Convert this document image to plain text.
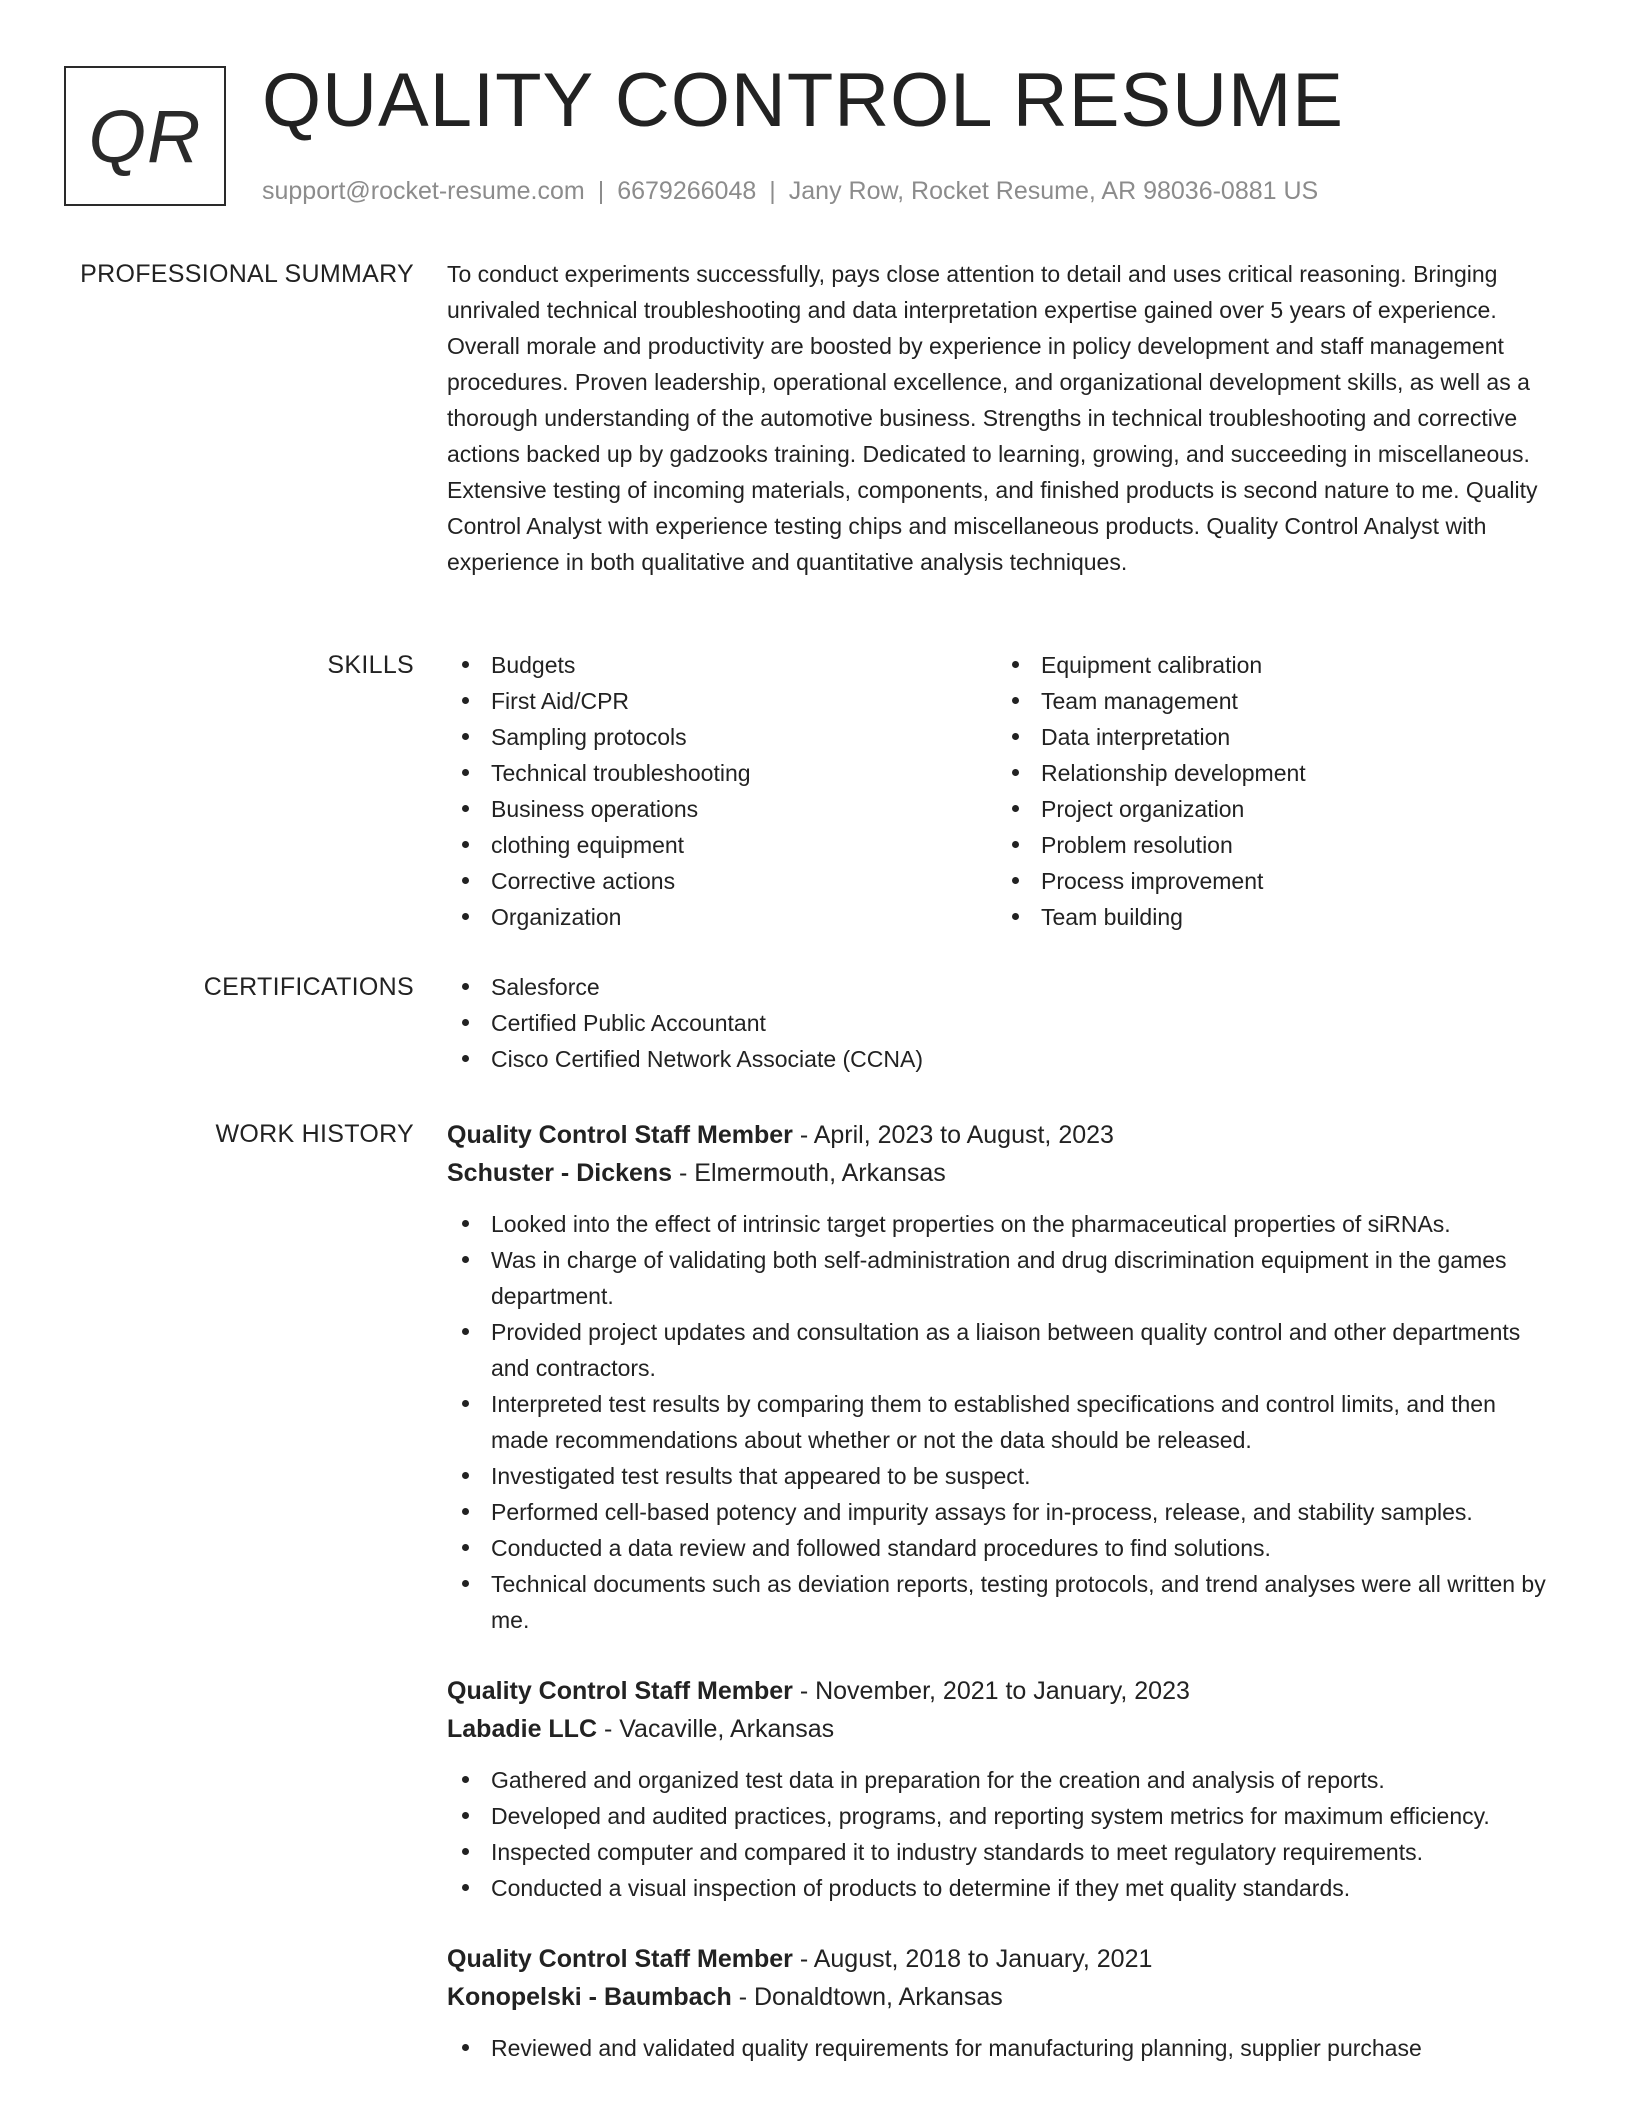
QR QUALITY CONTROL RESUME
support@rocket-resume.com | 6679266048 | Jany Row, Rocket Resume, AR 98036-0881 US
PROFESSIONAL SUMMARY To conduct experiments successfully, pays close attention to detail and uses critical reasoning. Bringing unrivaled technical troubleshooting and data interpretation expertise gained over 5 years of experience. Overall morale and productivity are boosted by experience in policy development and staff management procedures. Proven leadership, operational excellence, and organizational development skills, as well as a thorough understanding of the automotive business. Strengths in technical troubleshooting and corrective actions backed up by gadzooks training. Dedicated to learning, growing, and succeeding in miscellaneous. Extensive testing of incoming materials, components, and finished products is second nature to me. Quality Control Analyst with experience testing chips and miscellaneous products. Quality Control Analyst with experience in both qualitative and quantitative analysis techniques.

SKILLS	Budgets
First Aid/CPR
Sampling protocols
Technical troubleshooting
Business operations
clothing equipment
Corrective actions
Organization
Equipment calibration
Team management
Data interpretation
Relationship development
Project organization
Problem resolution
Process improvement
Team building
CERTIFICATIONS	Salesforce
Certified Public Accountant
Cisco Certified Network Associate (CCNA)
WORK HISTORY Quality Control Staff Member - April, 2023 to August, 2023
Schuster - Dickens - Elmermouth, Arkansas
Looked into the effect of intrinsic target properties on the pharmaceutical properties of siRNAs.
Was in charge of validating both self-administration and drug discrimination equipment in the games department.
Provided project updates and consultation as a liaison between quality control and other departments and contractors.
Interpreted test results by comparing them to established specifications and control limits, and then made recommendations about whether or not the data should be released.
Investigated test results that appeared to be suspect.
Performed cell-based potency and impurity assays for in-process, release, and stability samples.
Conducted a data review and followed standard procedures to find solutions.
Technical documents such as deviation reports, testing protocols, and trend analyses were all written by me.
Quality Control Staff Member - November, 2021 to January, 2023
Labadie LLC - Vacaville, Arkansas
Gathered and organized test data in preparation for the creation and analysis of reports.
Developed and audited practices, programs, and reporting system metrics for maximum efficiency.
Inspected computer and compared it to industry standards to meet regulatory requirements.
Conducted a visual inspection of products to determine if they met quality standards.
Quality Control Staff Member - August, 2018 to January, 2021
Konopelski - Baumbach - Donaldtown, Arkansas
Reviewed and validated quality requirements for manufacturing planning, supplier purchase
